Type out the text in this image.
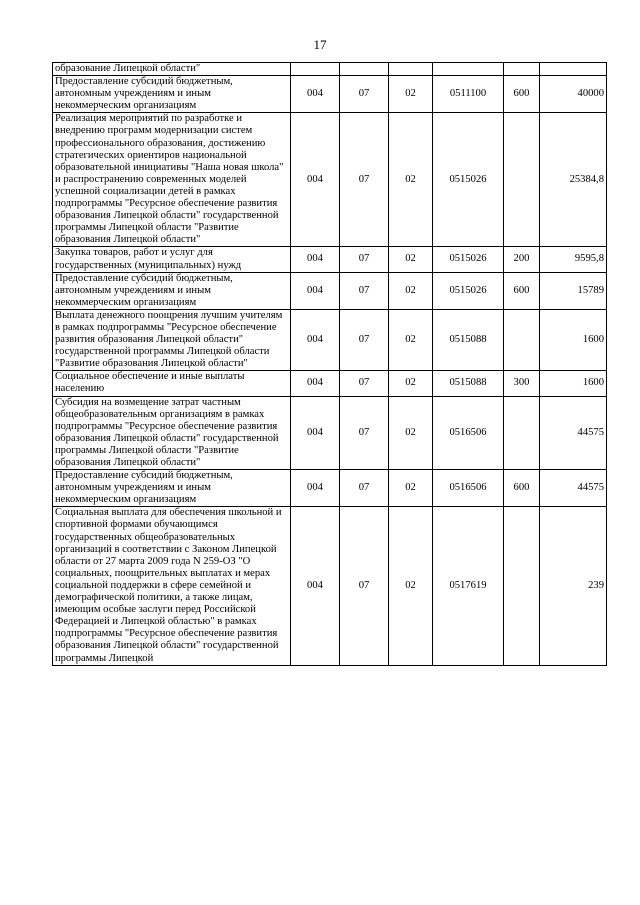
17
образование Липецкой области"						
Предоставление субсидий бюджетным, автономным учреждениям и иным некоммерческим организациям	004	07	02	0511100	600	40000
Реализация мероприятий по разработке и внедрению программ модернизации систем профессионального образования, достижению стратегических ориентиров национальной образовательной инициативы "Наша новая школа" и распространению современных моделей успешной социализации детей в рамках подпрограммы "Ресурсное обеспечение развития образования Липецкой области" государственной программы Липецкой области "Развитие образования Липецкой области"	004	07	02	0515026		25384,8
Закупка товаров, работ и услуг для государственных (муниципальных) нужд	004	07	02	0515026	200	9595,8
Предоставление субсидий бюджетным, автономным учреждениям и иным некоммерческим организациям	004	07	02	0515026	600	15789
Выплата денежного поощрения лучшим учителям в рамках подпрограммы "Ресурсное обеспечение развития образования Липецкой области" государственной программы Липецкой области "Развитие образования Липецкой области"	004	07	02	0515088		1600
Социальное обеспечение и иные выплаты населению	004	07	02	0515088	300	1600
Субсидия на возмещение затрат частным общеобразовательным организациям в рамках подпрограммы "Ресурсное обеспечение развития образования Липецкой области" государственной программы Липецкой области "Развитие образования Липецкой области"	004	07	02	0516506		44575
Предоставление субсидий бюджетным, автономным учреждениям и иным некоммерческим организациям	004	07	02	0516506	600	44575
Социальная выплата для обеспечения школьной и спортивной формами обучающимся государственных общеобразовательных организаций в соответствии с Законом Липецкой области от 27 марта 2009 года N 259-ОЗ "О социальных, поощрительных выплатах и мерах социальной поддержки в сфере семейной и демографической политики, а также лицам, имеющим особые заслуги перед Российской Федерацией и Липецкой областью" в рамках подпрограммы "Ресурсное обеспечение развития образования Липецкой области" государственной программы Липецкой	004	07	02	0517619		239
